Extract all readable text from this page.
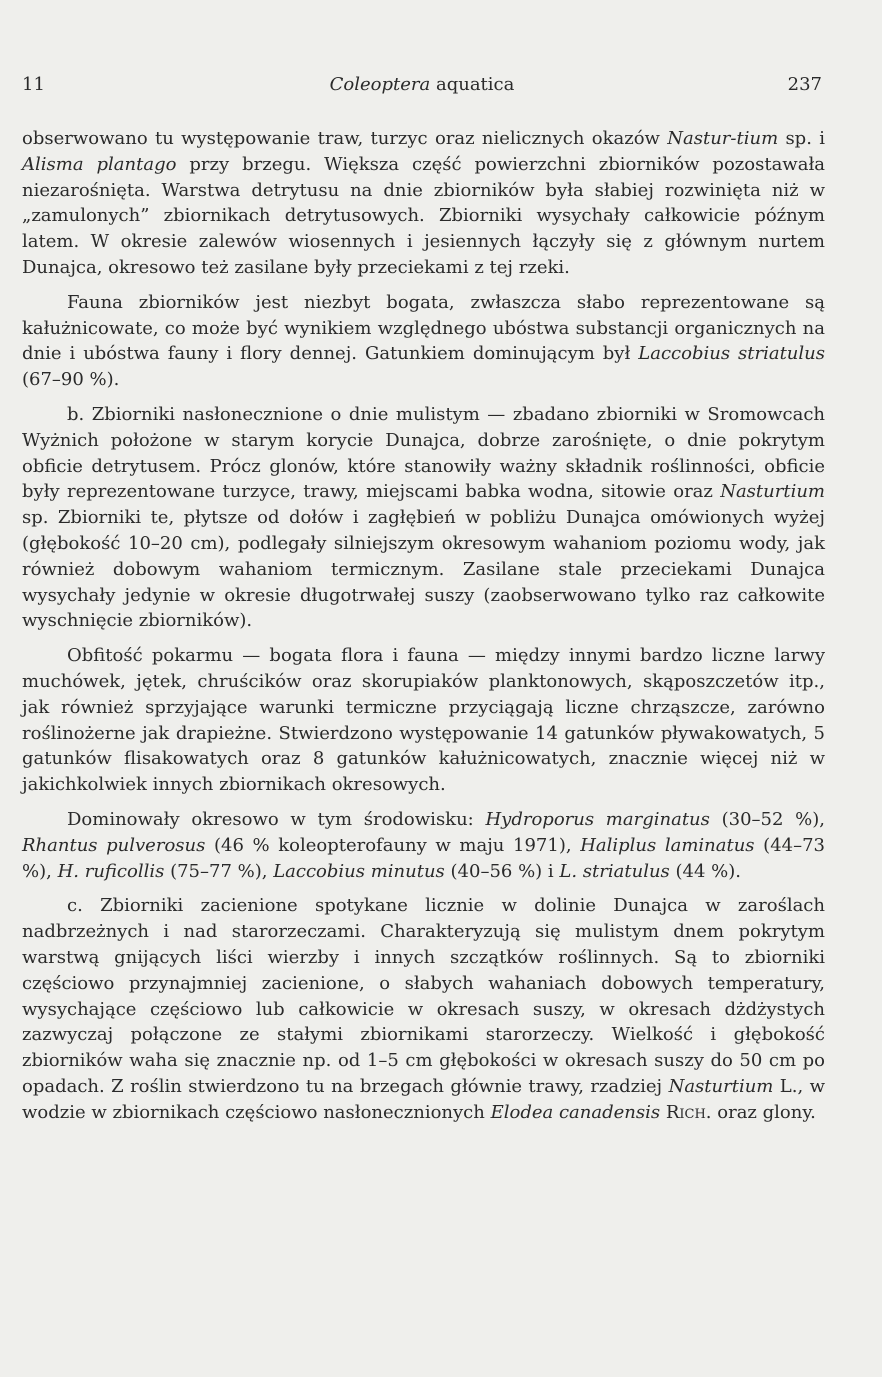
11	Coleoptera aquatica	237

obserwowano tu występowanie traw, turzyc oraz nielicznych okazów Nastur-tium sp. i Alisma plantago przy brzegu. Większa część powierzchni zbiorników pozostawała niezarośnięta. Warstwa detrytusu na dnie zbiorników była słabiej rozwinięta niż w „zamulonych” zbiornikach detrytusowych. Zbiorniki wysychały całkowicie późnym latem. W okresie zalewów wiosennych i jesiennych łączyły się z głównym nurtem Dunajca, okresowo też zasilane były przeciekami z tej rzeki.

Fauna zbiorników jest niezbyt bogata, zwłaszcza słabo reprezentowane są kałużnicowate, co może być wynikiem względnego ubóstwa substancji organicznych na dnie i ubóstwa fauny i flory dennej. Gatunkiem dominującym był Laccobius striatulus (67–90 %).

b. Zbiorniki nasłonecznione o dnie mulistym — zbadano zbiorniki w Sromowcach Wyżnich położone w starym korycie Dunajca, dobrze zarośnięte, o dnie pokrytym obficie detrytusem. Prócz glonów, które stanowiły ważny składnik roślinności, obficie były reprezentowane turzyce, trawy, miejscami babka wodna, sitowie oraz Nasturtium sp. Zbiorniki te, płytsze od dołów i zagłębień w pobliżu Dunajca omówionych wyżej (głębokość 10–20 cm), podlegały silniejszym okresowym wahaniom poziomu wody, jak również dobowym wahaniom termicznym. Zasilane stale przeciekami Dunajca wysychały jedynie w okresie długotrwałej suszy (zaobserwowano tylko raz całkowite wyschnięcie zbiorników).

Obfitość pokarmu — bogata flora i fauna — między innymi bardzo liczne larwy muchówek, jętek, chruścików oraz skorupiaków planktonowych, skąposzczetów itp., jak również sprzyjające warunki termiczne przyciągają liczne chrząszcze, zarówno roślinożerne jak drapieżne. Stwierdzono występowanie 14 gatunków pływakowatych, 5 gatunków flisakowatych oraz 8 gatunków kałużnicowatych, znacznie więcej niż w jakichkolwiek innych zbiornikach okresowych.

Dominowały okresowo w tym środowisku: Hydroporus marginatus (30–52 %), Rhantus pulverosus (46 % koleopterofauny w maju 1971), Haliplus laminatus (44–73 %), H. ruficollis (75–77 %), Laccobius minutus (40–56 %) i L. striatulus (44 %).

c. Zbiorniki zacienione spotykane licznie w dolinie Dunajca w zaroślach nadbrzeżnych i nad starorzeczami. Charakteryzują się mulistym dnem pokrytym warstwą gnijących liści wierzby i innych szczątków roślinnych. Są to zbiorniki częściowo przynajmniej zacienione, o słabych wahaniach dobowych temperatury, wysychające częściowo lub całkowicie w okresach suszy, w okresach dżdżystych zazwyczaj połączone ze stałymi zbiornikami starorzeczy. Wielkość i głębokość zbiorników waha się znacznie np. od 1–5 cm głębokości w okresach suszy do 50 cm po opadach. Z roślin stwierdzono tu na brzegach głównie trawy, rzadziej Nasturtium L., w wodzie w zbiornikach częściowo nasłonecznionych Elodea canadensis Rich. oraz glony.
